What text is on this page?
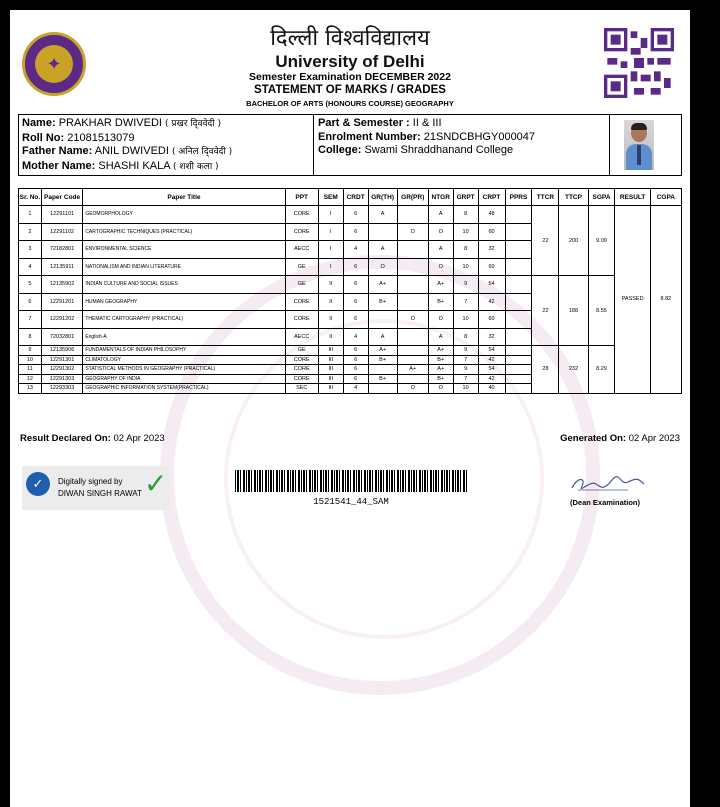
✦
दिल्ली विश्वविद्यालय
University of Delhi
Semester Examination DECEMBER 2022
STATEMENT OF MARKS / GRADES
BACHELOR OF ARTS (HONOURS COURSE) GEOGRAPHY
Name: PRAKHAR DWIVEDI ( प्रखर दि्ववेदी )
Roll No: 21081513079
Father Name: ANIL DWIVEDI ( अनिल दि्ववेदी )
Mother Name: SHASHI KALA ( शशी कला )
Part & Semester : II & III
Enrolment Number: 21SNDCBHGY000047
College: Swami Shraddhanand College
Sr. No.	Paper Code	Paper Title	PPT	SEM	CRDT	GR(TH)	GR(PR)	NTGR	GRPT	CRPT	PPRS	TTCR	TTCP	SGPA	RESULT	CGPA
1	12291101	GEOMORPHOLOGY	CORE	I	6	A		A	8	48		22	200	9.09	PASSED	8.82
2	12291102	CARTOGRAPHIC TECHNIQUES (PRACTICAL)	CORE	I	6		O	O	10	60						
3	72182801	ENVIRONMENTAL SCIENCE	AECC	I	4	A		A	8	32						
4	12135911	NATIONALISM AND INDIAN LITERATURE	GE	I	6	O		O	10	60						
5	12135902	INDIAN CULTURE AND SOCIAL ISSUES	GE	II	6	A+		A+	9	54		22	188	8.55		
6	12291201	HUMAN GEOGRAPHY	CORE	II	6	B+		B+	7	42						
7	12291202	THEMATIC CARTOGRAPHY (PRACTICAL)	CORE	II	6		O	O	10	60						
8	72032801	English-A	AECC	II	4	A		A	8	32						
9	12135906	FUNDAMENTALS OF INDIAN PHILOSOPHY	GE	III	6	A+		A+	9	54		28	232	8.29		
10	12291301	CLIMATOLOGY	CORE	III	6	B+		B+	7	42						
11	12291302	STATISTICAL METHODS IN GEOGRAPHY (PRACTICAL)	CORE	III	6		A+	A+	9	54						
12	12291303	GEOGRAPHY OF INDIA	CORE	III	6	B+		B+	7	42						
13	12293303	GEOGRAPHIC INFORMATION SYSTEM(PRACTICAL)	SEC	III	4		O	O	10	40						
Result Declared On: 02 Apr 2023	Generated On: 02 Apr 2023
✓	Digitally signed by
DIWAN SINGH RAWAT ✓
1521541_44_SAM	(Dean Examination)
